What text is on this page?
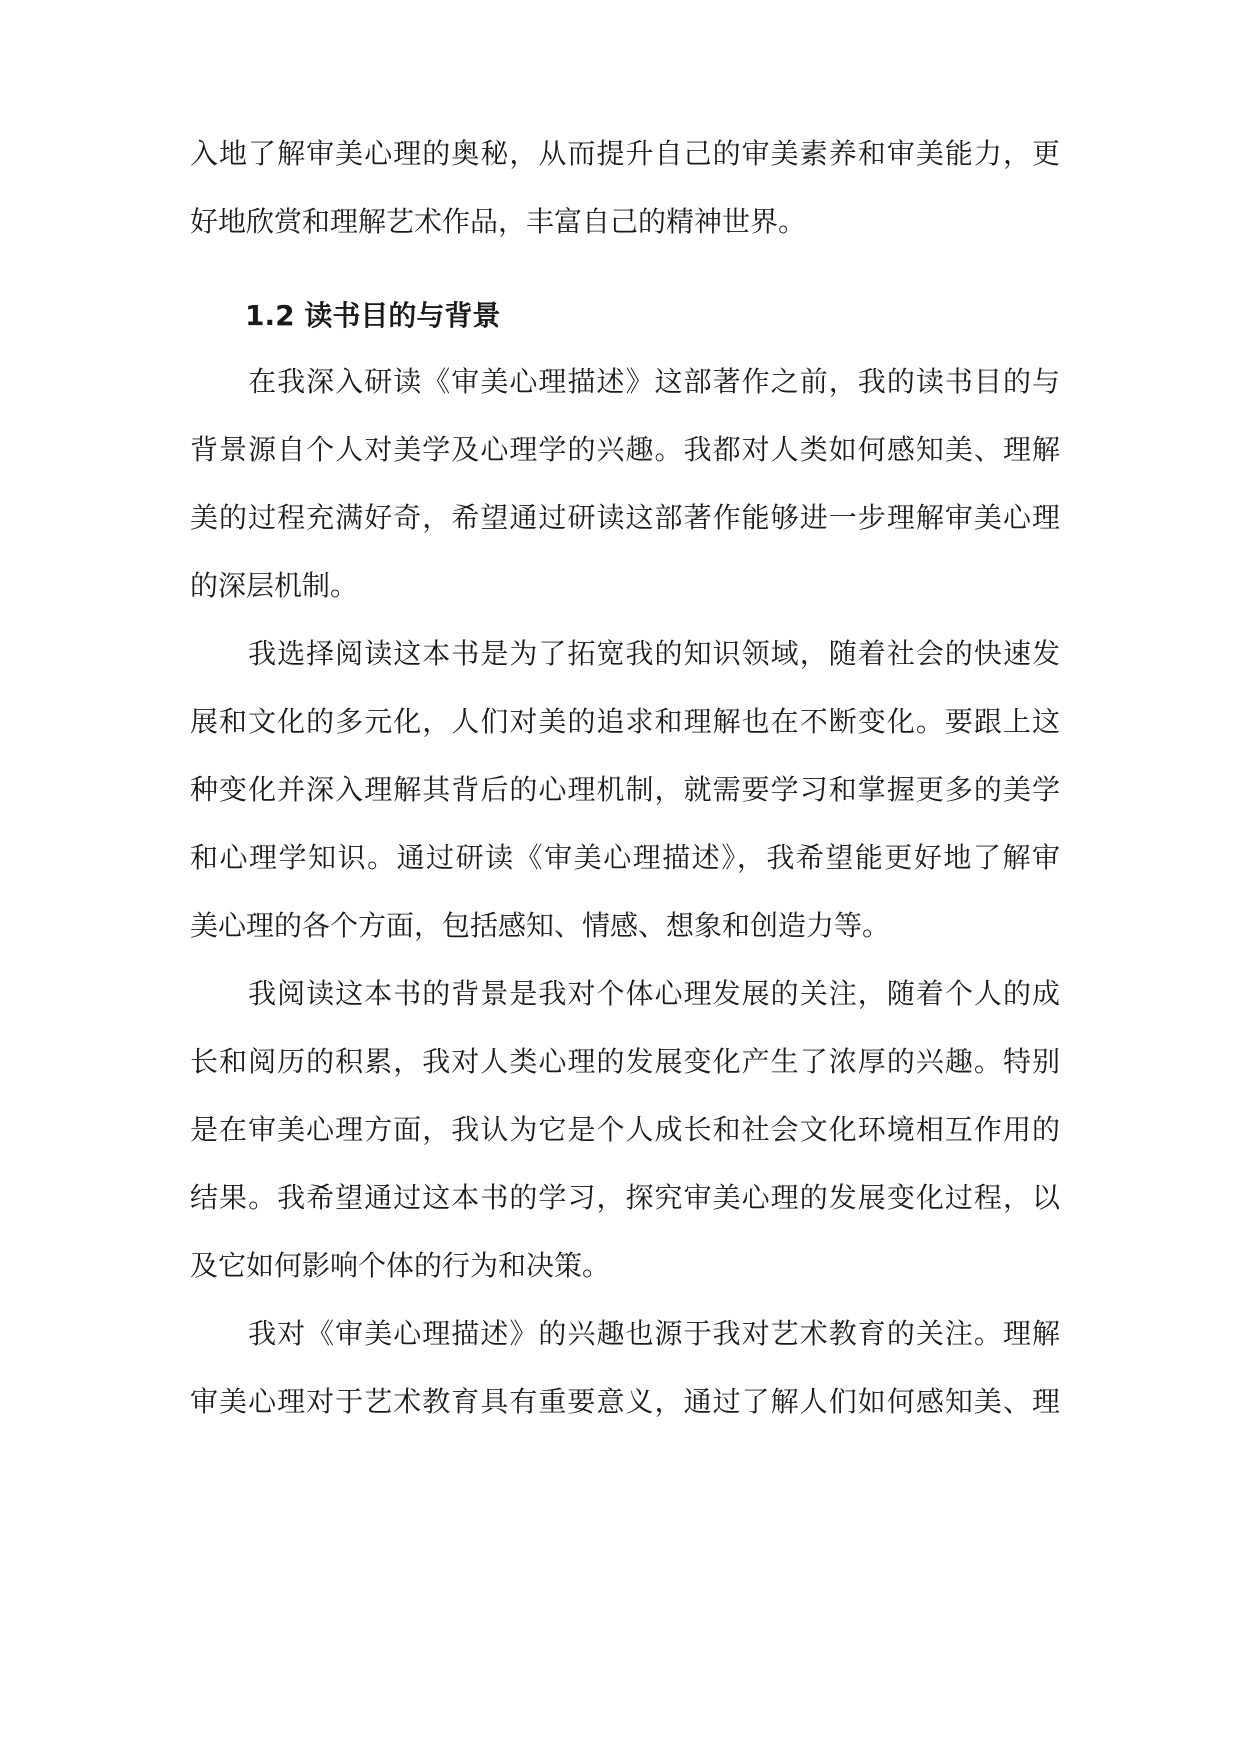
入地了解审美心理的奥秘，从而提升自己的审美素养和审美能力，更
好地欣赏和理解艺术作品，丰富自己的精神世界。
1.2 读书目的与背景
　　在我深入研读《审美心理描述》这部著作之前，我的读书目的与
背景源自个人对美学及心理学的兴趣。我都对人类如何感知美、理解
美的过程充满好奇，希望通过研读这部著作能够进一步理解审美心理
的深层机制。
　　我选择阅读这本书是为了拓宽我的知识领域，随着社会的快速发
展和文化的多元化，人们对美的追求和理解也在不断变化。要跟上这
种变化并深入理解其背后的心理机制，就需要学习和掌握更多的美学
和心理学知识。通过研读《审美心理描述》，我希望能更好地了解审
美心理的各个方面，包括感知、情感、想象和创造力等。
　　我阅读这本书的背景是我对个体心理发展的关注，随着个人的成
长和阅历的积累，我对人类心理的发展变化产生了浓厚的兴趣。特别
是在审美心理方面，我认为它是个人成长和社会文化环境相互作用的
结果。我希望通过这本书的学习，探究审美心理的发展变化过程，以
及它如何影响个体的行为和决策。
　　我对《审美心理描述》的兴趣也源于我对艺术教育的关注。理解
审美心理对于艺术教育具有重要意义，通过了解人们如何感知美、理
